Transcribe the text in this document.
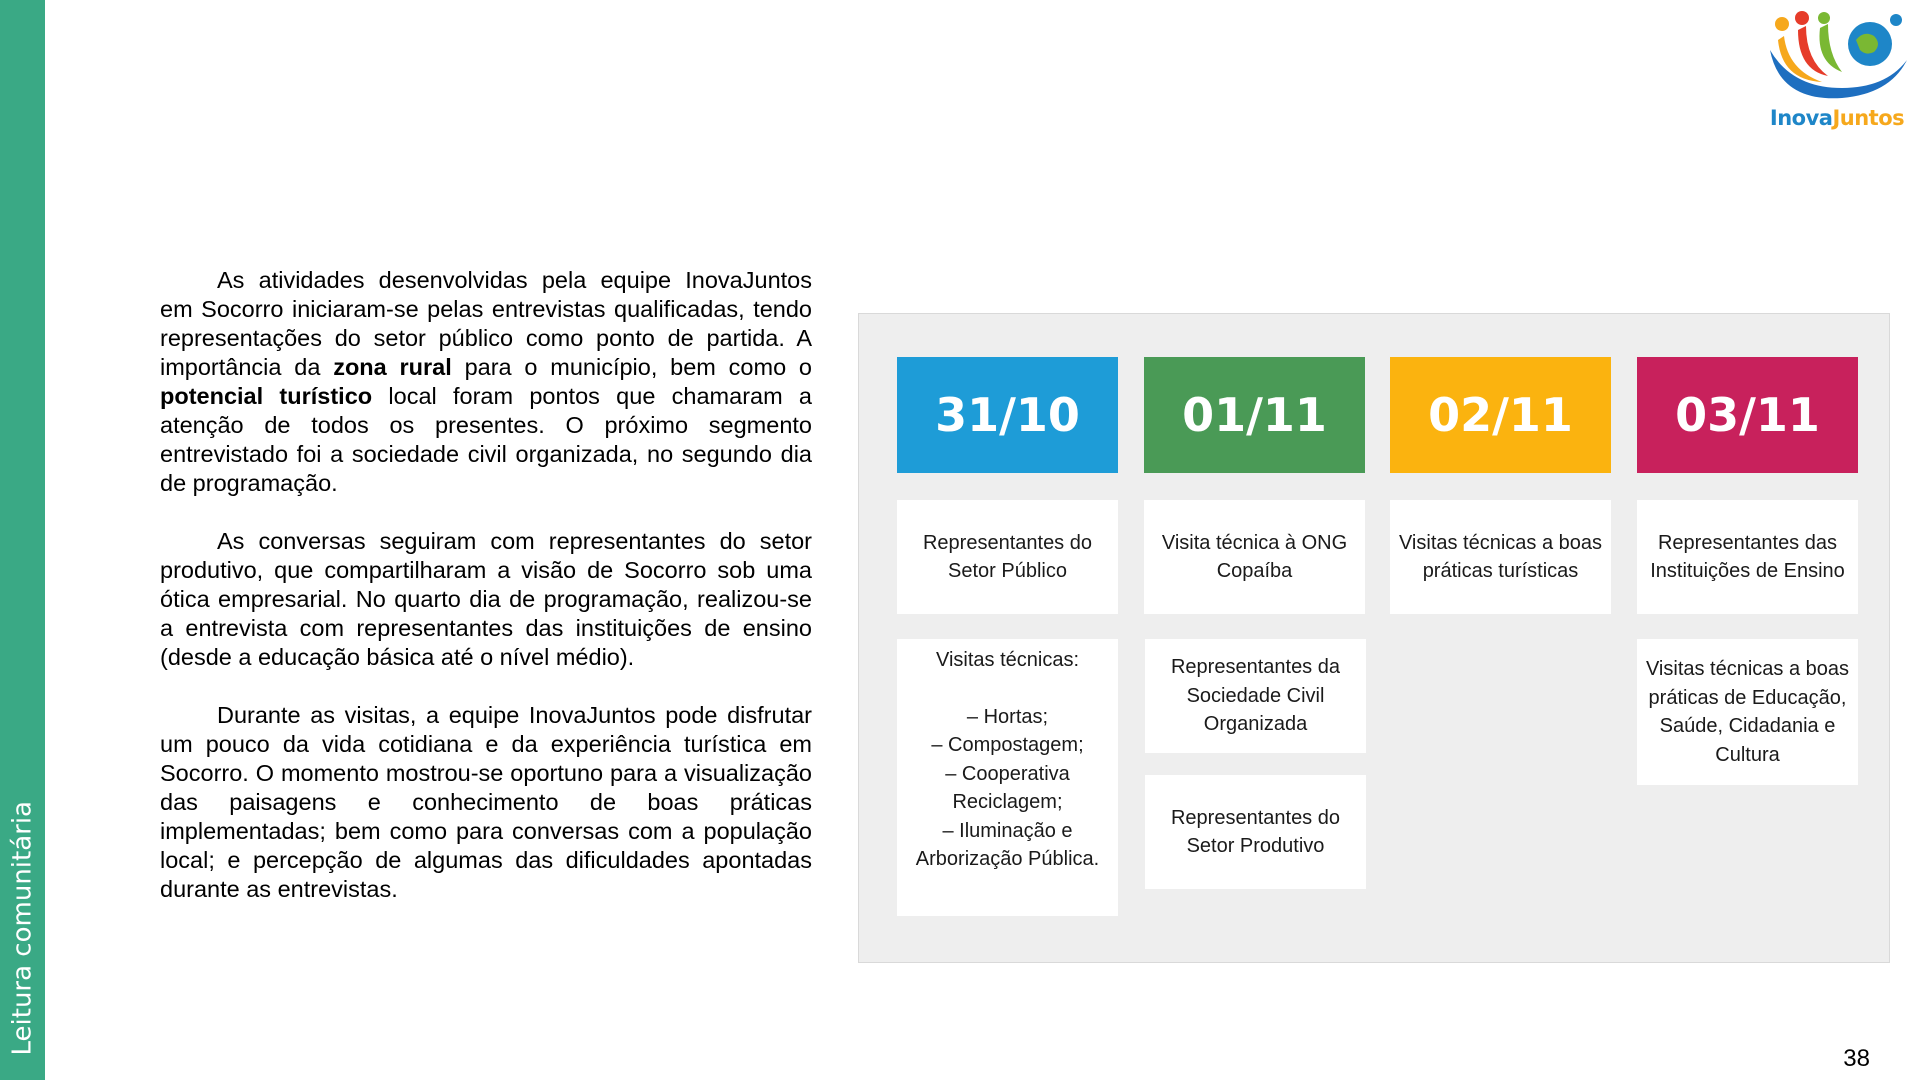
Leitura comunitária
InovaJuntos

As atividades desenvolvidas pela equipe InovaJuntos em Socorro iniciaram-se pelas entrevistas qualificadas, tendo representações do setor público como ponto de partida. A importância da zona rural para o município, bem como o potencial turístico local foram pontos que chamaram a atenção de todos os presentes. O próximo segmento entrevistado foi a sociedade civil organizada, no segundo dia de programação.

As conversas seguiram com representantes do setor produtivo, que compartilharam a visão de Socorro sob uma ótica empresarial. No quarto dia de programação, realizou-se a entrevista com representantes das instituições de ensino (desde a educação básica até o nível médio).

Durante as visitas, a equipe InovaJuntos pode disfrutar um pouco da vida cotidiana e da experiência turística em Socorro. O momento mostrou-se oportuno para a visualização das paisagens e conhecimento de boas práticas implementadas; bem como para conversas com a população local; e percepção de algumas das dificuldades apontadas durante as entrevistas.

31/10
Representantes do Setor Público
Visitas técnicas:
– Hortas;
– Compostagem;
– Cooperativa Reciclagem;
– Iluminação e Arborização Pública.
01/11
Visita técnica à ONG Copaíba
Representantes da Sociedade Civil Organizada
Representantes do Setor Produtivo
02/11
Visitas técnicas a boas práticas turísticas
03/11
Representantes das Instituições de Ensino
Visitas técnicas a boas práticas de Educação, Saúde, Cidadania e Cultura
38
